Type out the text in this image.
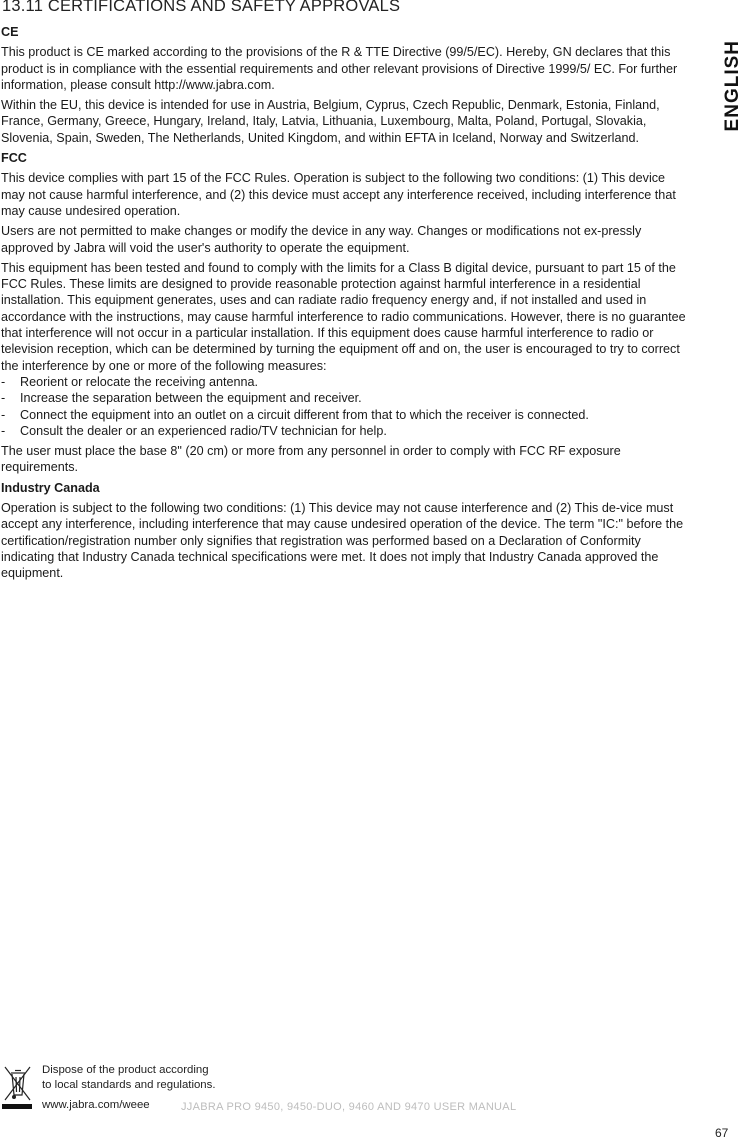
13.11 CERTIFICATIONS AND SAFETY APPROVALS
ENGLISH
CE

This product is CE marked according to the provisions of the R & TTE Directive (99/5/EC). Hereby, GN declares that this product is in compliance with the essential requirements and other relevant provisions of Directive 1999/5/ EC. For further information, please consult http://www.jabra.com.

Within the EU, this device is intended for use in Austria, Belgium, Cyprus, Czech Republic, Denmark, Estonia, Finland, France, Germany, Greece, Hungary, Ireland, Italy, Latvia, Lithuania, Luxembourg, Malta, Poland, Portugal, Slovakia, Slovenia, Spain, Sweden, The Netherlands, United Kingdom, and within EFTA in Iceland, Norway and Switzerland.

FCC

This device complies with part 15 of the FCC Rules. Operation is subject to the following two conditions: (1) This device may not cause harmful interference, and (2) this device must accept any interference received, including interference that may cause undesired operation.

Users are not permitted to make changes or modify the device in any way. Changes or modifications not ex-pressly approved by Jabra will void the user's authority to operate the equipment.

This equipment has been tested and found to comply with the limits for a Class B digital device, pursuant to part 15 of the FCC Rules. These limits are designed to provide reasonable protection against harmful interference in a residential installation. This equipment generates, uses and can radiate radio frequency energy and, if not installed and used in accordance with the instructions, may cause harmful interference to radio communications. However, there is no guarantee that interference will not occur in a particular installation. If this equipment does cause harmful interference to radio or television reception, which can be determined by turning the equipment off and on, the user is encouraged to try to correct the interference by one or more of the following measures:

- Reorient or relocate the receiving antenna.
- Increase the separation between the equipment and receiver.
- Connect the equipment into an outlet on a circuit different from that to which the receiver is connected.
- Consult the dealer or an experienced radio/TV technician for help.

The user must place the base 8" (20 cm) or more from any personnel in order to comply with FCC RF exposure requirements.

Industry Canada

Operation is subject to the following two conditions: (1) This device may not cause interference and (2) This de-vice must accept any interference, including interference that may cause undesired operation of the device. The term "IC:" before the certification/registration number only signifies that registration was performed based on a Declaration of Conformity indicating that Industry Canada technical specifications were met. It does not imply that Industry Canada approved the equipment.

Dispose of the product according
to local standards and regulations.
www.jabra.com/weee	JJABRA PRO 9450, 9450-DUO, 9460 AND 9470 USER MANUAL
67
